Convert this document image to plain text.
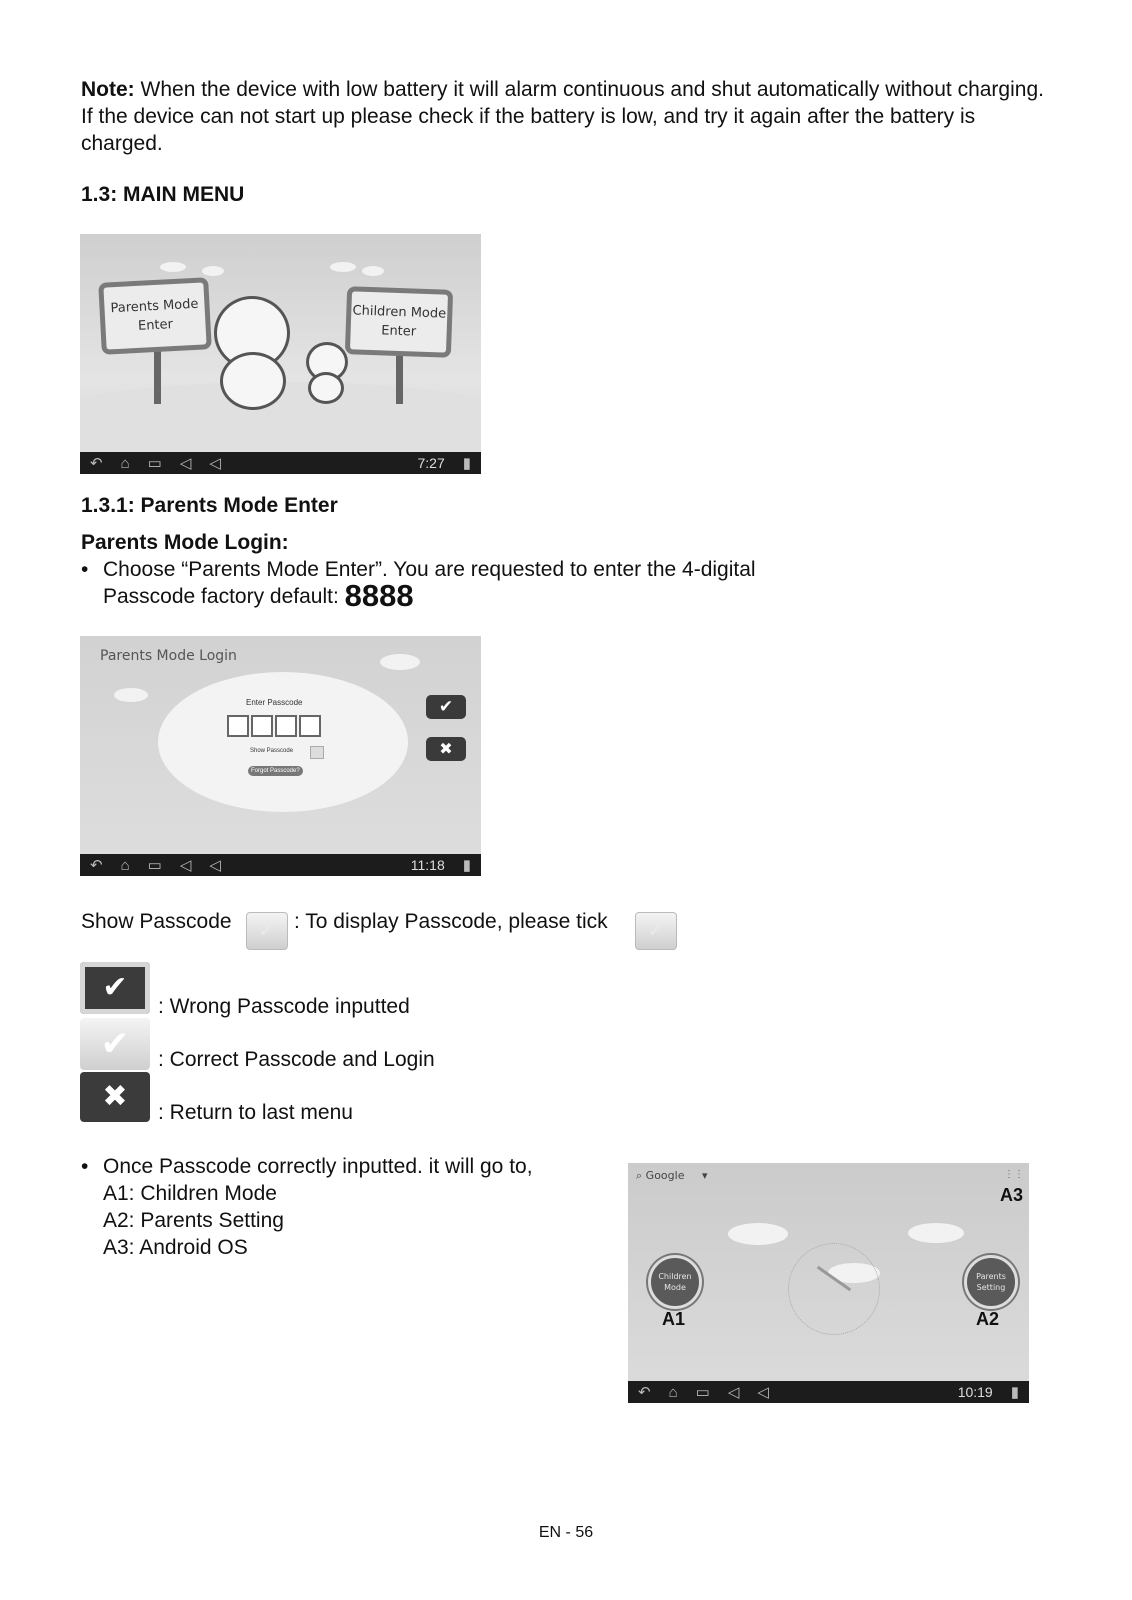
Note: When the device with low battery it will alarm continuous and shut automatically without charging. If the device can not start up please check if the battery is low, and try it again after the battery is charged.

1.3: MAIN MENU
Parents Mode
Enter
Children Mode
Enter
↶ ⌂ ▭ ◁ ◁	7:27 ▮
1.3.1: Parents Mode Enter
Parents Mode Login:
• Choose “Parents Mode Enter”. You are requested to enter the 4-digital
Passcode factory default: 8888
Parents Mode Login
Enter Passcode
Show Passcode
Forgot Passcode?
✔
✖
↶ ⌂ ▭ ◁ ◁	11:18 ▮
Show Passcode	✓ : To display Passcode, please tick	✓
✔
: Wrong Passcode inputted
✔	: Correct Passcode and Login
✖	: Return to last menu
• Once Passcode correctly inputted. it will go to,
A1: Children Mode
A2: Parents Setting
A3: Android OS
⌕ Google ▾	⋮⋮
A3
Children Mode
Parents Setting
A1	A2
↶ ⌂ ▭ ◁ ◁	10:19 ▮
EN - 56
